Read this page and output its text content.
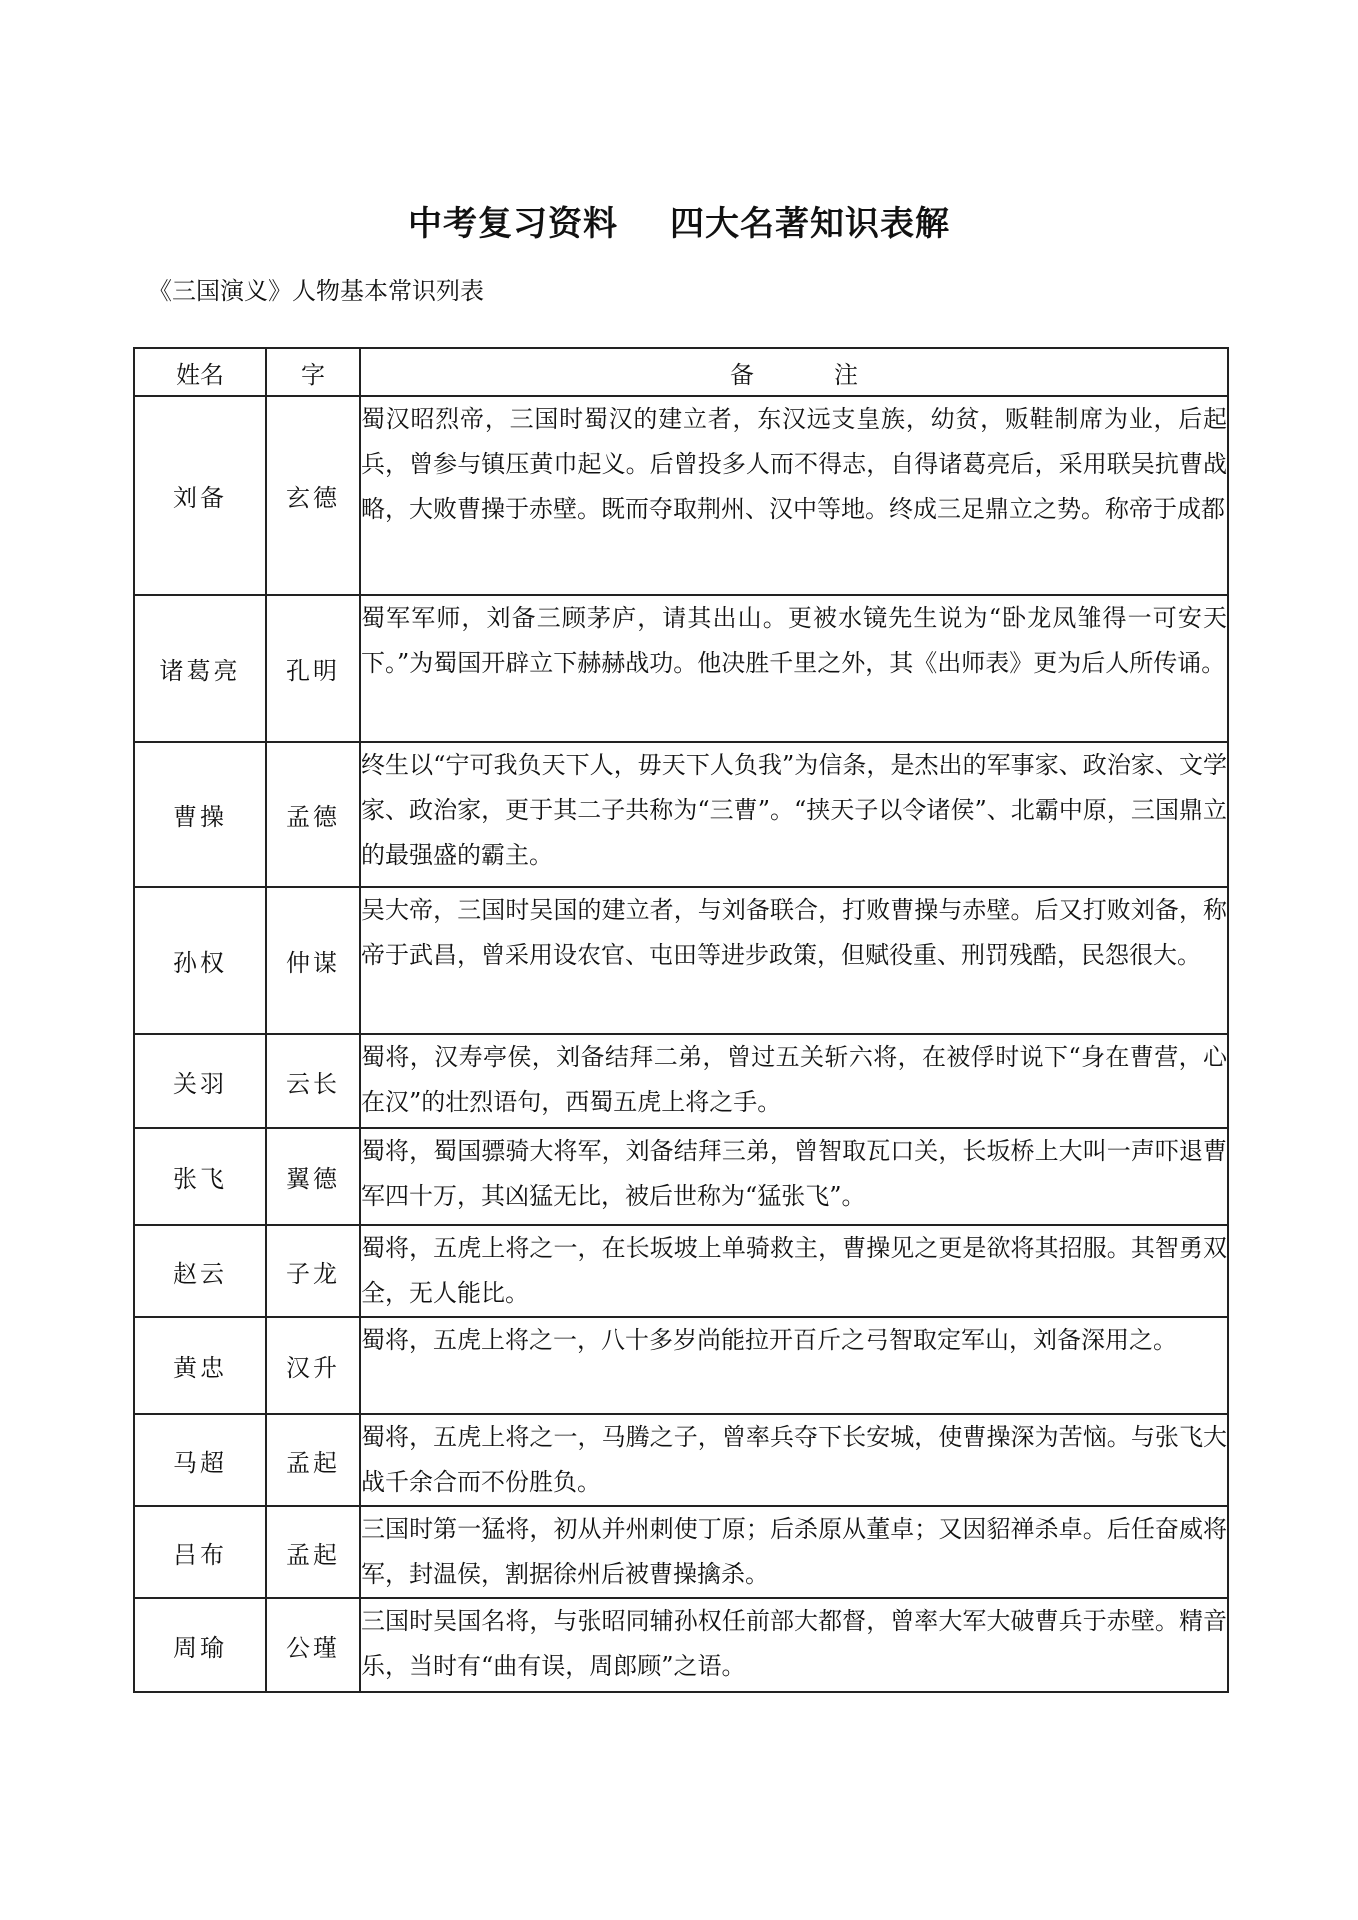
中考复习资料 四大名著知识表解
《三国演义》人物基本常识列表
姓名	字	备 注
刘备	玄德	蜀汉昭烈帝，三国时蜀汉的建立者，东汉远支皇族，幼贫，贩鞋制席为业，后起兵，曾参与镇压黄巾起义。后曾投多人而不得志，自得诸葛亮后，采用联吴抗曹战略，大败曹操于赤壁。既而夺取荆州、汉中等地。终成三足鼎立之势。称帝于成都
诸葛亮	孔明	蜀军军师，刘备三顾茅庐，请其出山。更被水镜先生说为“卧龙凤雏得一可安天下。”为蜀国开辟立下赫赫战功。他决胜千里之外，其《出师表》更为后人所传诵。
曹操	孟德	终生以“宁可我负天下人，毋天下人负我”为信条，是杰出的军事家、政治家、文学家、政治家，更于其二子共称为“三曹”。“挟天子以令诸侯”、北霸中原，三国鼎立的最强盛的霸主。
孙权	仲谋	吴大帝，三国时吴国的建立者，与刘备联合，打败曹操与赤壁。后又打败刘备，称帝于武昌，曾采用设农官、屯田等进步政策，但赋役重、刑罚残酷，民怨很大。
关羽	云长	蜀将，汉寿亭侯，刘备结拜二弟，曾过五关斩六将，在被俘时说下“身在曹营，心在汉”的壮烈语句，西蜀五虎上将之手。
张飞	翼德	蜀将，蜀国骠骑大将军，刘备结拜三弟，曾智取瓦口关，长坂桥上大叫一声吓退曹军四十万，其凶猛无比，被后世称为“猛张飞”。
赵云	子龙	蜀将，五虎上将之一，在长坂坡上单骑救主，曹操见之更是欲将其招服。其智勇双全，无人能比。
黄忠	汉升	蜀将，五虎上将之一，八十多岁尚能拉开百斤之弓智取定军山，刘备深用之。
马超	孟起	蜀将，五虎上将之一，马腾之子，曾率兵夺下长安城，使曹操深为苦恼。与张飞大战千余合而不份胜负。
吕布	孟起	三国时第一猛将，初从并州刺使丁原；后杀原从董卓；又因貂禅杀卓。后任奋威将军，封温侯，割据徐州后被曹操擒杀。
周瑜	公瑾	三国时吴国名将，与张昭同辅孙权任前部大都督，曾率大军大破曹兵于赤壁。精音乐，当时有“曲有误，周郎顾”之语。
